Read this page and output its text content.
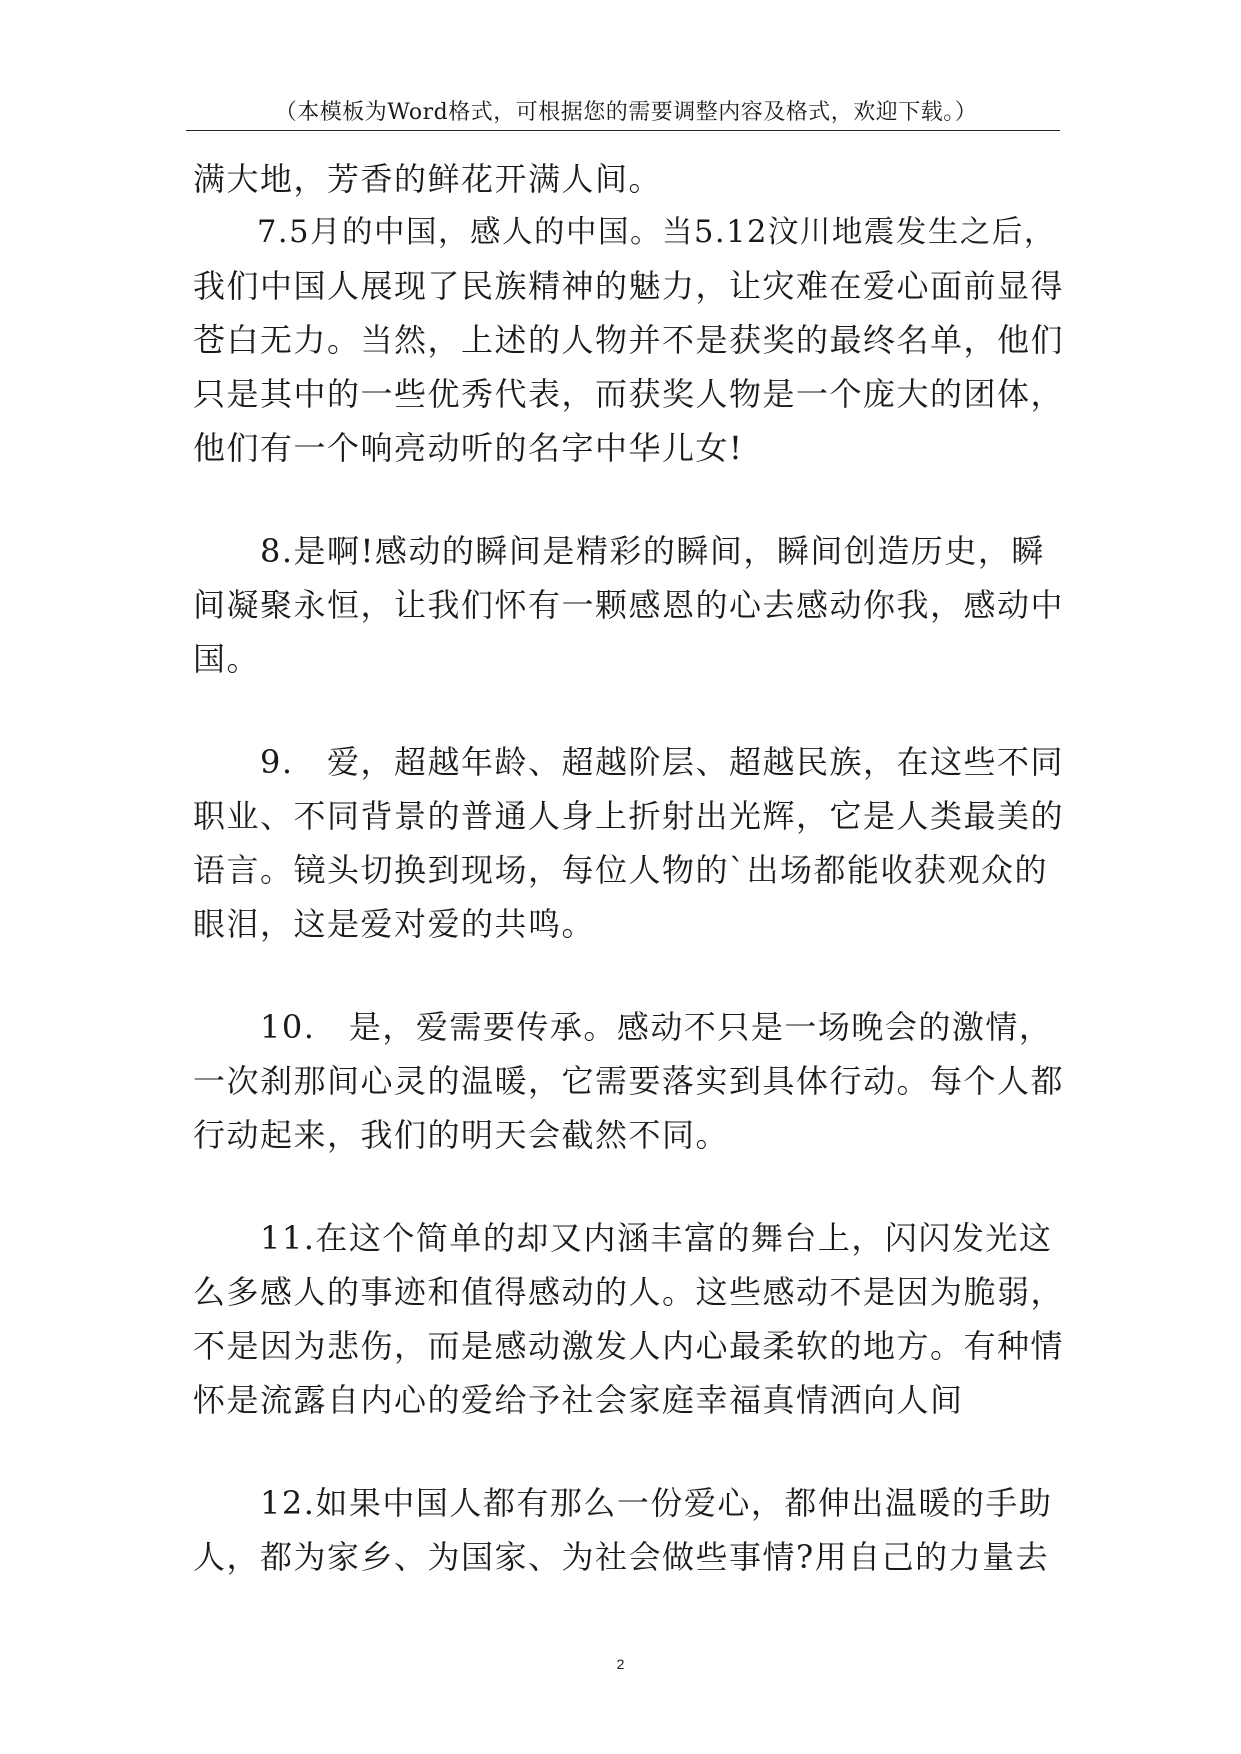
（本模板为Word格式，可根据您的需要调整内容及格式，欢迎下载。）
满大地，芳香的鲜花开满人间。
　　7.5月的中国，感人的中国。当5.12汶川地震发生之后，
我们中国人展现了民族精神的魅力，让灾难在爱心面前显得
苍白无力。当然，上述的人物并不是获奖的最终名单，他们
只是其中的一些优秀代表，而获奖人物是一个庞大的团体，
他们有一个响亮动听的名字中华儿女!
　　8.是啊!感动的瞬间是精彩的瞬间，瞬间创造历史，瞬
间凝聚永恒，让我们怀有一颗感恩的心去感动你我，感动中
国。
　　9.　爱，超越年龄、超越阶层、超越民族，在这些不同
职业、不同背景的普通人身上折射出光辉，它是人类最美的
语言。镜头切换到现场，每位人物的`出场都能收获观众的
眼泪，这是爱对爱的共鸣。
　　10.　是，爱需要传承。感动不只是一场晚会的激情，
一次刹那间心灵的温暖，它需要落实到具体行动。每个人都
行动起来，我们的明天会截然不同。
　　11.在这个简单的却又内涵丰富的舞台上，闪闪发光这
么多感人的事迹和值得感动的人。这些感动不是因为脆弱，
不是因为悲伤，而是感动激发人内心最柔软的地方。有种情
怀是流露自内心的爱给予社会家庭幸福真情洒向人间
　　12.如果中国人都有那么一份爱心，都伸出温暖的手助
人，都为家乡、为国家、为社会做些事情?用自己的力量去
2
